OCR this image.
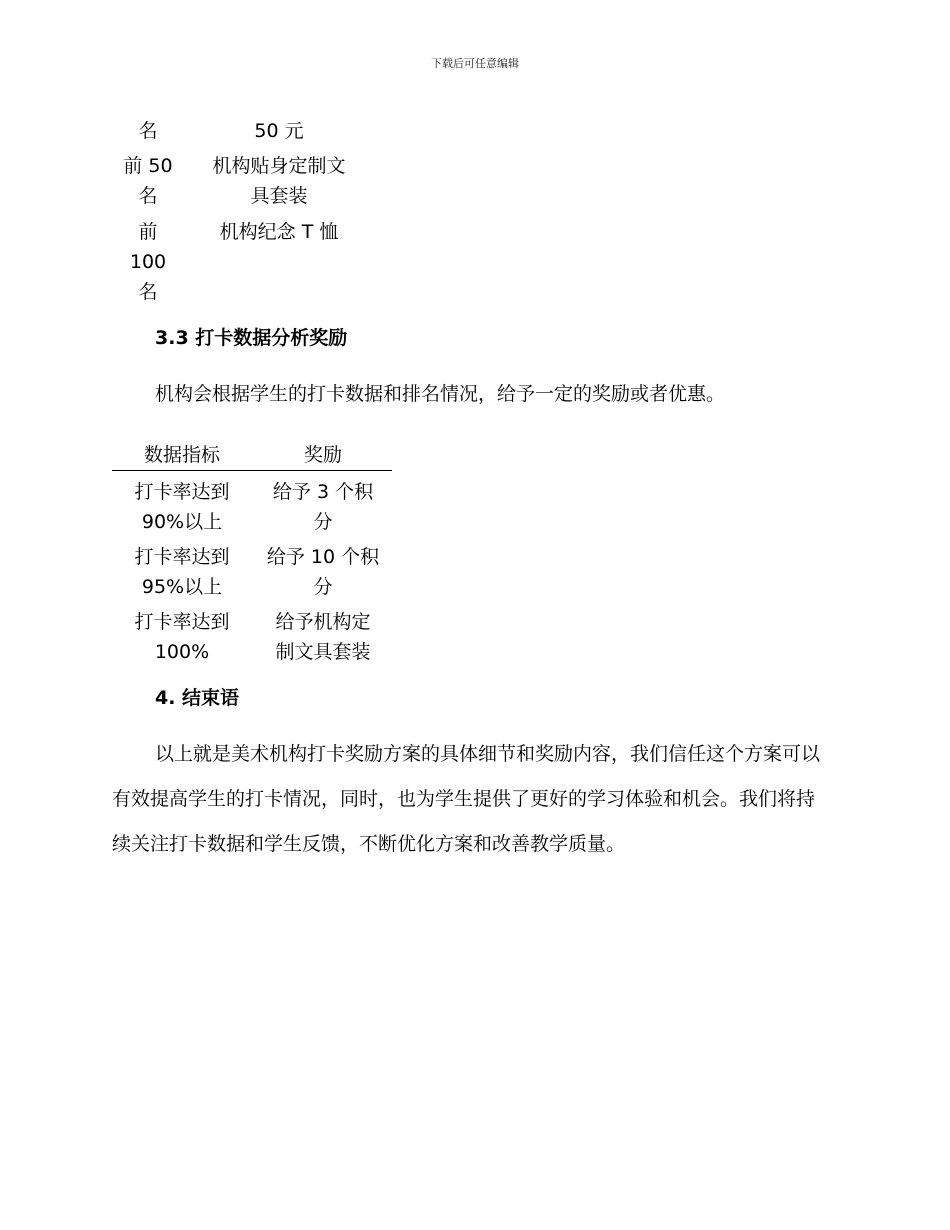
下载后可任意编辑
名	50 元
前 50
名
机构贴身定制文
具套装
前
100
名
机构纪念 T 恤
3.3 打卡数据分析奖励

机构会根据学生的打卡数据和排名情况，给予一定的奖励或者优惠。

数据指标	奖励
打卡率达到
90%以上
给予 3 个积
分
打卡率达到
95%以上
给予 10 个积
分
打卡率达到
100%
给予机构定
制文具套装
4. 结束语

以上就是美术机构打卡奖励方案的具体细节和奖励内容，我们信任这个方案可以有效提高学生的打卡情况，同时，也为学生提供了更好的学习体验和机会。我们将持续关注打卡数据和学生反馈，不断优化方案和改善教学质量。
